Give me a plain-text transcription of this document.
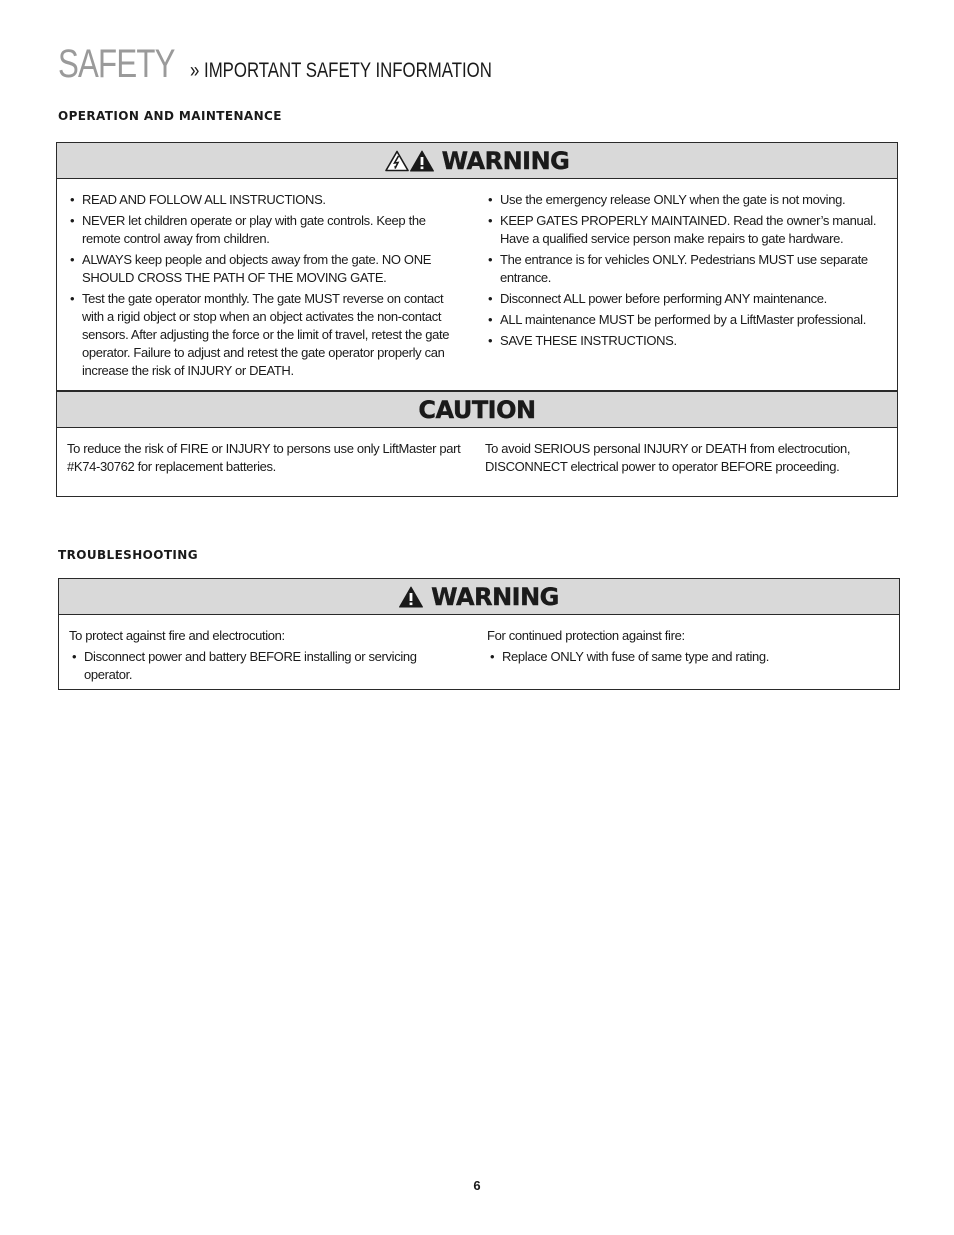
SAFETY » IMPORTANT SAFETY INFORMATION
OPERATION AND MAINTENANCE
WARNING
• READ AND FOLLOW ALL INSTRUCTIONS.
• NEVER let children operate or play with gate controls. Keep the remote control away from children.
• ALWAYS keep people and objects away from the gate. NO ONE SHOULD CROSS THE PATH OF THE MOVING GATE.
• Test the gate operator monthly. The gate MUST reverse on contact with a rigid object or stop when an object activates the non-contact sensors. After adjusting the force or the limit of travel, retest the gate operator. Failure to adjust and retest the gate operator properly can increase the risk of INJURY or DEATH.
• Use the emergency release ONLY when the gate is not moving.
• KEEP GATES PROPERLY MAINTAINED. Read the owner’s manual. Have a qualified service person make repairs to gate hardware.
• The entrance is for vehicles ONLY. Pedestrians MUST use separate entrance.
• Disconnect ALL power before performing ANY maintenance.
• ALL maintenance MUST be performed by a LiftMaster professional.
• SAVE THESE INSTRUCTIONS.
CAUTION

To reduce the risk of FIRE or INJURY to persons use only LiftMaster part #K74-30762 for replacement batteries.

To avoid SERIOUS personal INJURY or DEATH from electrocution, DISCONNECT electrical power to operator BEFORE proceeding.

TROUBLESHOOTING
WARNING

To protect against fire and electrocution:

• Disconnect power and battery BEFORE installing or servicing operator.

For continued protection against fire:

• Replace ONLY with fuse of same type and rating.
6
